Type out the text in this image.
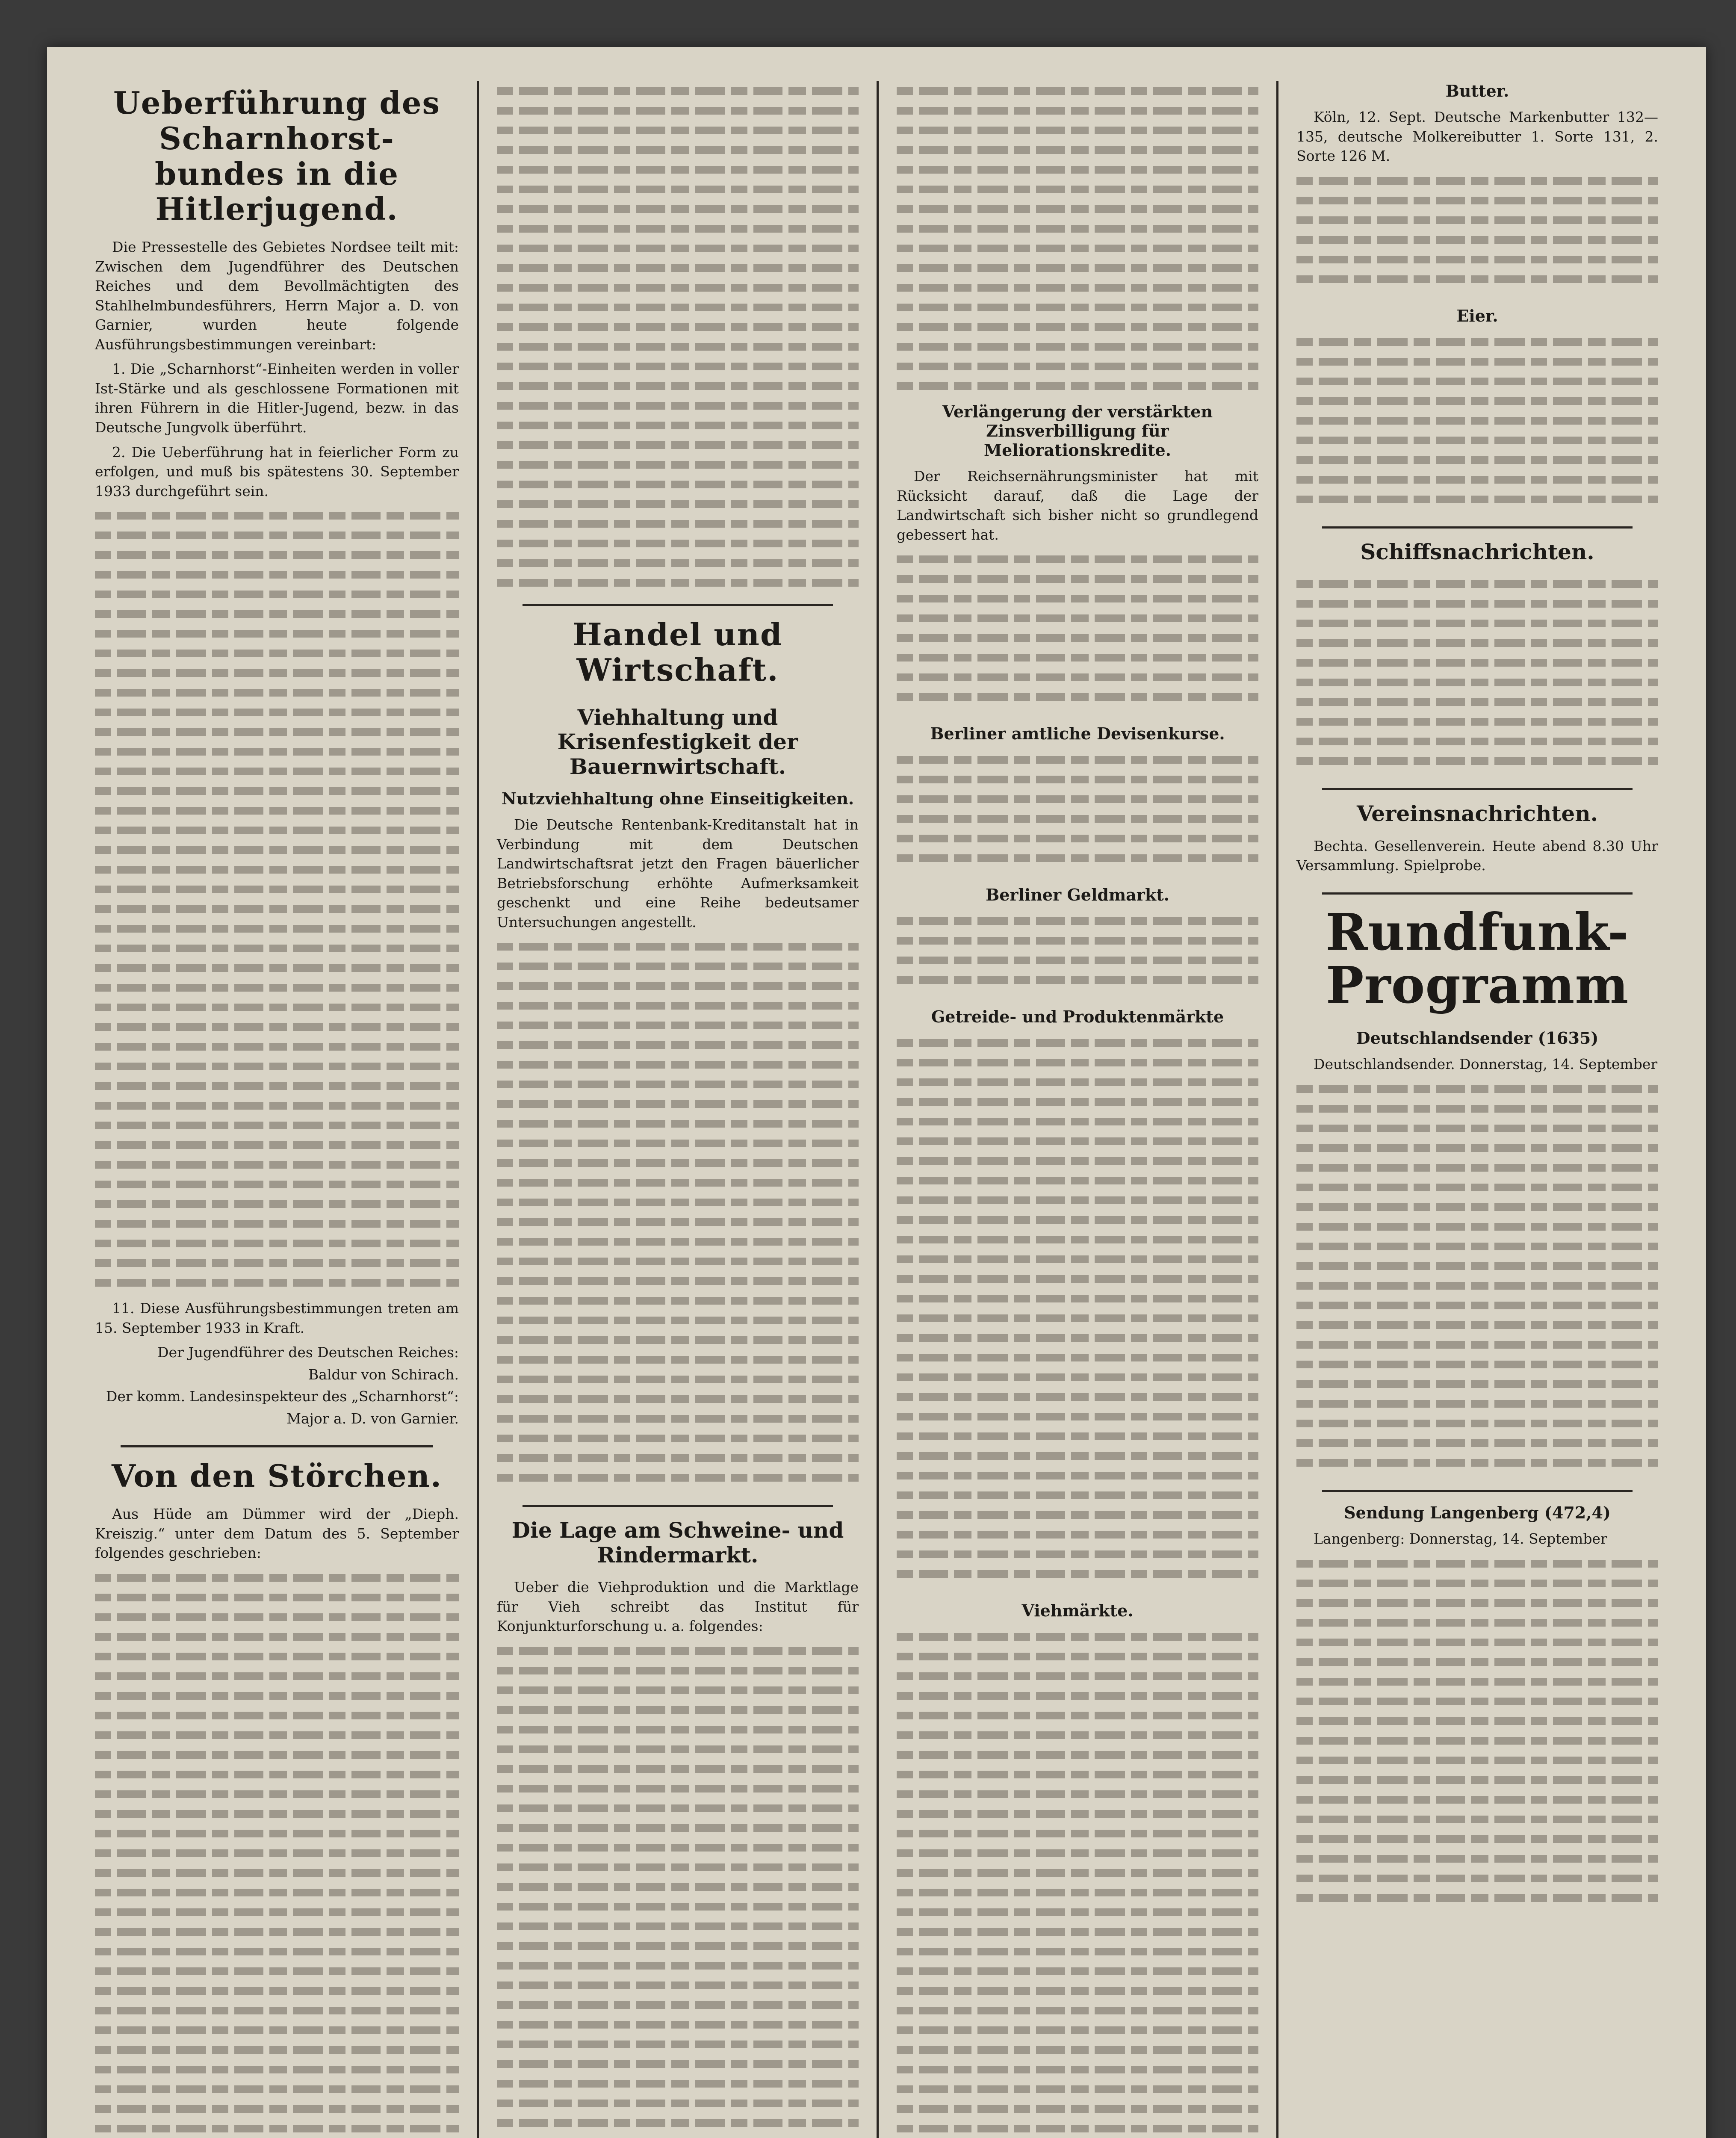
Ueberführung des Scharnhorst-bundes in die Hitlerjugend.

Die Pressestelle des Gebietes Nordsee teilt mit: Zwischen dem Jugendführer des Deutschen Reiches und dem Bevollmächtigten des Stahlhelmbundesführers, Herrn Major a. D. von Garnier, wurden heute folgende Ausführungsbestimmungen vereinbart:

1. Die „Scharnhorst“-Einheiten werden in voller Ist-Stärke und als geschlossene Formationen mit ihren Führern in die Hitler-Jugend, bezw. in das Deutsche Jungvolk überführt.

2. Die Ueberführung hat in feierlicher Form zu erfolgen, und muß bis spätestens 30. September 1933 durchgeführt sein.

11. Diese Ausführungsbestimmungen treten am 15. September 1933 in Kraft.

Der Jugendführer des Deutschen Reiches:
Baldur von Schirach.
Der komm. Landesinspekteur des „Scharnhorst“:
Major a. D. von Garnier.
Von den Störchen.

Aus Hüde am Dümmer wird der „Dieph. Kreiszig.“ unter dem Datum des 5. September folgendes geschrieben:

Handel und Wirtschaft.
Viehhaltung und Krisenfestigkeit der Bauernwirtschaft.
Nutzviehhaltung ohne Einseitigkeiten.

Die Deutsche Rentenbank-Kreditanstalt hat in Verbindung mit dem Deutschen Landwirtschaftsrat jetzt den Fragen bäuerlicher Betriebsforschung erhöhte Aufmerksamkeit geschenkt und eine Reihe bedeutsamer Untersuchungen angestellt.

Die Lage am Schweine- und Rindermarkt.

Ueber die Viehproduktion und die Marktlage für Vieh schreibt das Institut für Konjunkturforschung u. a. folgendes:

Verlängerung der verstärkten Zinsverbilligung für Meliorationskredite.

Der Reichsernährungsminister hat mit Rücksicht darauf, daß die Lage der Landwirtschaft sich bisher nicht so grundlegend gebessert hat.

Berliner amtliche Devisenkurse.
Berliner Geldmarkt.
Getreide- und Produktenmärkte
Viehmärkte.
Butter.

Köln, 12. Sept. Deutsche Markenbutter 132—135, deutsche Molkereibutter 1. Sorte 131, 2. Sorte 126 M.

Eier.
Schiffsnachrichten.
Vereinsnachrichten.

Bechta. Gesellenverein. Heute abend 8.30 Uhr Versammlung. Spielprobe.

Rundfunk-Programm
Deutschlandsender (1635)

Deutschlandsender. Donnerstag, 14. September

Sendung Langenberg (472,4)

Langenberg: Donnerstag, 14. September
